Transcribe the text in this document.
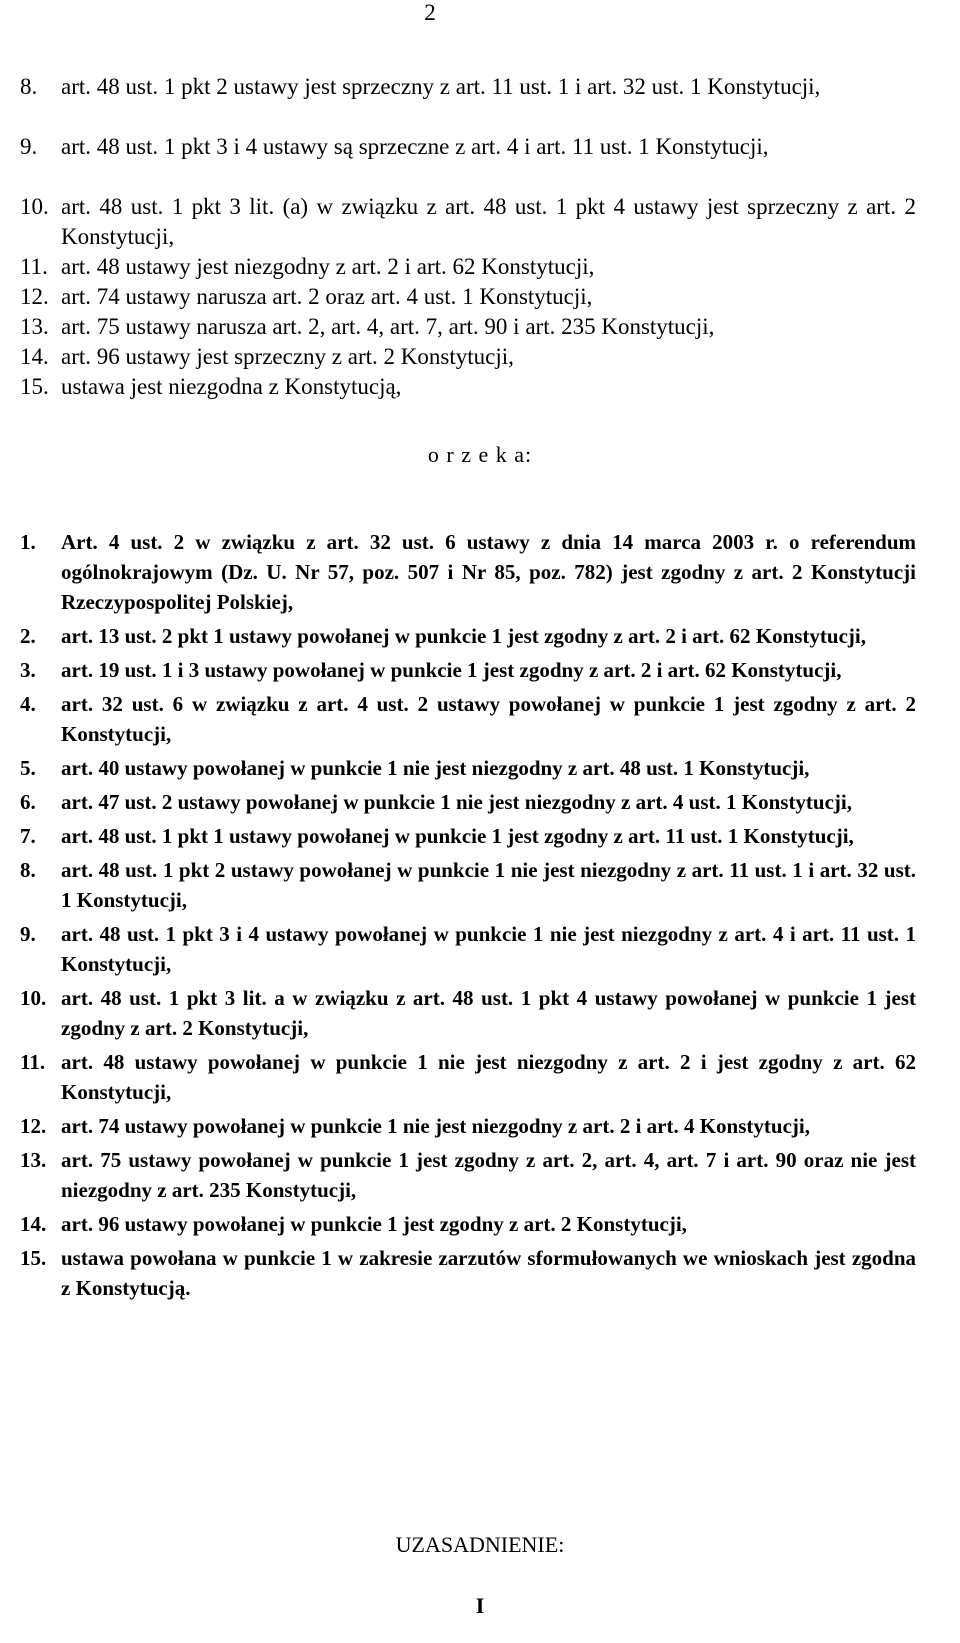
2
8. art. 48 ust. 1 pkt 2 ustawy jest sprzeczny z art. 11 ust. 1 i art. 32 ust. 1 Konstytucji,
9. art. 48 ust. 1 pkt 3 i 4 ustawy są sprzeczne z art. 4 i art. 11 ust. 1 Konstytucji,
10. art. 48 ust. 1 pkt 3 lit. (a) w związku z art. 48 ust. 1 pkt 4 ustawy jest sprzeczny z art. 2 Konstytucji,
11. art. 48 ustawy jest niezgodny z art. 2 i art. 62 Konstytucji,
12. art. 74 ustawy narusza art. 2 oraz art. 4 ust. 1 Konstytucji,
13. art. 75 ustawy narusza art. 2, art. 4, art. 7, art. 90 i art. 235 Konstytucji,
14. art. 96 ustawy jest sprzeczny z art. 2 Konstytucji,
15. ustawa jest niezgodna z Konstytucją,
o r z e k a:
1. Art. 4 ust. 2 w związku z art. 32 ust. 6 ustawy z dnia 14 marca 2003 r. o referendum ogólnokrajowym (Dz. U. Nr 57, poz. 507 i Nr 85, poz. 782) jest zgodny z art. 2 Konstytucji Rzeczypospolitej Polskiej,
2. art. 13 ust. 2 pkt 1 ustawy powołanej w punkcie 1 jest zgodny z art. 2 i art. 62 Konstytucji,
3. art. 19 ust. 1 i 3 ustawy powołanej w punkcie 1 jest zgodny z art. 2 i art. 62 Konstytucji,
4. art. 32 ust. 6 w związku z art. 4 ust. 2 ustawy powołanej w punkcie 1 jest zgodny z art. 2 Konstytucji,
5. art. 40 ustawy powołanej w punkcie 1 nie jest niezgodny z art. 48 ust. 1 Konstytucji,
6. art. 47 ust. 2 ustawy powołanej w punkcie 1 nie jest niezgodny z art. 4 ust. 1 Konstytucji,
7. art. 48 ust. 1 pkt 1 ustawy powołanej w punkcie 1 jest zgodny z art. 11 ust. 1 Konstytucji,
8. art. 48 ust. 1 pkt 2 ustawy powołanej w punkcie 1 nie jest niezgodny z art. 11 ust. 1 i art. 32 ust. 1 Konstytucji,
9. art. 48 ust. 1 pkt 3 i 4 ustawy powołanej w punkcie 1 nie jest niezgodny z art. 4 i art. 11 ust. 1 Konstytucji,
10. art. 48 ust. 1 pkt 3 lit. a w związku z art. 48 ust. 1 pkt 4 ustawy powołanej w punkcie 1 jest zgodny z art. 2 Konstytucji,
11. art. 48 ustawy powołanej w punkcie 1 nie jest niezgodny z art. 2 i jest zgodny z art. 62 Konstytucji,
12. art. 74 ustawy powołanej w punkcie 1 nie jest niezgodny z art. 2 i art. 4 Konstytucji,
13. art. 75 ustawy powołanej w punkcie 1 jest zgodny z art. 2, art. 4, art. 7 i art. 90 oraz nie jest niezgodny z art. 235 Konstytucji,
14. art. 96 ustawy powołanej w punkcie 1 jest zgodny z art. 2 Konstytucji,
15. ustawa powołana w punkcie 1 w zakresie zarzutów sformułowanych we wnioskach jest zgodna z Konstytucją.
UZASADNIENIE:
I
